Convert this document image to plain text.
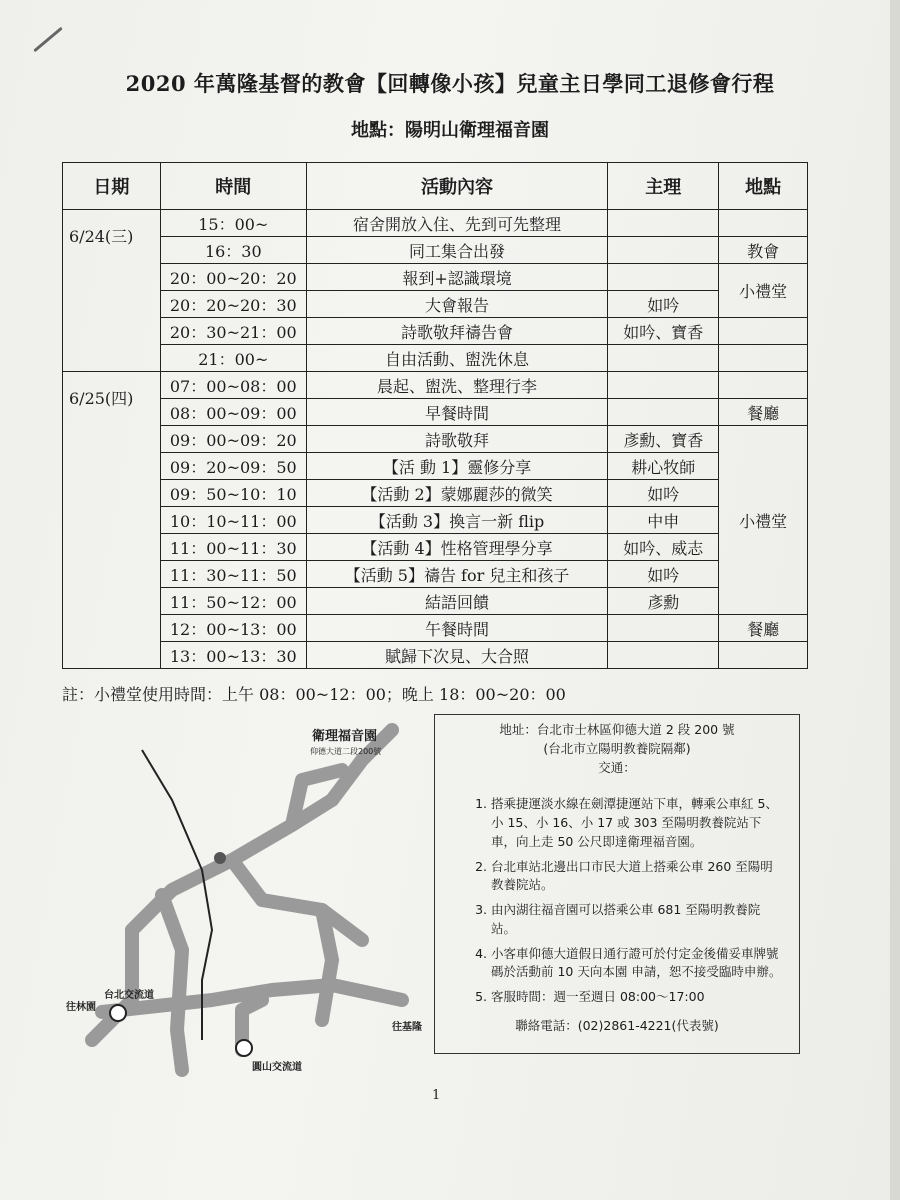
2020 年萬隆基督的教會【回轉像小孩】兒童主日學同工退修會行程
地點：陽明山衛理福音園
日期	時間	活動內容	主理	地點
6/24(三)	15：00~	宿舍開放入住、先到可先整理		
	16：30	同工集合出發		教會
	20：00~20：20	報到+認識環境		小禮堂
	20：20~20：30	大會報告	如吟	
	20：30~21：00	詩歌敬拜禱告會	如吟、寶香	
	21：00~	自由活動、盥洗休息		
6/25(四)	07：00~08：00	晨起、盥洗、整理行李		
	08：00~09：00	早餐時間		餐廳
	09：00~09：20	詩歌敬拜	彥勳、寶香	小禮堂
	09：20~09：50	【活 動 1】靈修分享	耕心牧師	
	09：50~10：10	【活動 2】蒙娜麗莎的微笑	如吟	
	10：10~11：00	【活動 3】換言一新 flip	中申	
	11：00~11：30	【活動 4】性格管理學分享	如吟、威志	
	11：30~11：50	【活動 5】禱告 for 兒主和孩子	如吟	
	11：50~12：00	結語回饋	彥勳	
	12：00~13：00	午餐時間		餐廳
	13：00~13：30	賦歸下次見、大合照		
註：小禮堂使用時間：上午 08：00~12：00；晚上 18：00~20：00
衛理福音園
仰德大道二段200號
往林園
台北交流道
圓山交流道
往基隆
地址：台北市士林區仰德大道 2 段 200 號
(台北市立陽明教養院隔鄰)
交通：
1. 搭乘捷運淡水線在劍潭捷運站下車，轉乘公車紅 5、小 15、小 16、小 17 或 303 至陽明教養院站下車，向上走 50 公尺即達衛理福音園。
2. 台北車站北邊出口市民大道上搭乘公車 260 至陽明教養院站。
3. 由內湖往福音園可以搭乘公車 681 至陽明教養院站。
4. 小客車仰德大道假日通行證可於付定金後備妥車牌號碼於活動前 10 天向本園 申請，恕不接受臨時申辦。
5. 客服時間：週一至週日 08:00～17:00
聯絡電話：(02)2861-4221(代表號)
1
